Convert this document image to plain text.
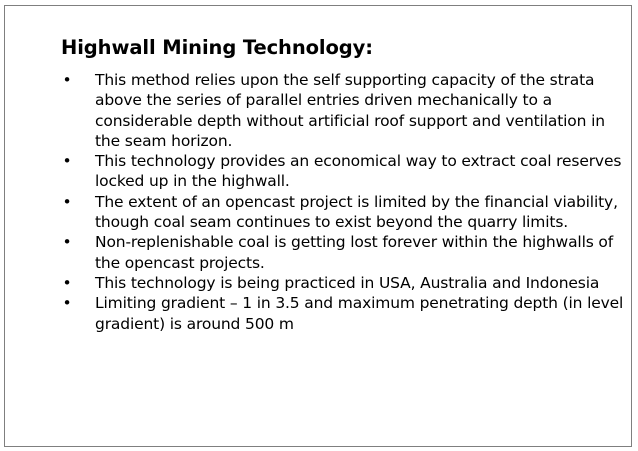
Highwall Mining Technology:
• This method relies upon the self supporting capacity of the strata
above the series of parallel entries driven mechanically to a
considerable depth without artificial roof support and ventilation in
the seam horizon.
• This technology provides an economical way to extract coal reserves
locked up in the highwall.
• The extent of an opencast project is limited by the financial viability,
though coal seam continues to exist beyond the quarry limits.
• Non-replenishable coal is getting lost forever within the highwalls of
the opencast projects.
• This technology is being practiced in USA, Australia and Indonesia
• Limiting gradient – 1 in 3.5 and maximum penetrating depth (in level
gradient) is around 500 m
